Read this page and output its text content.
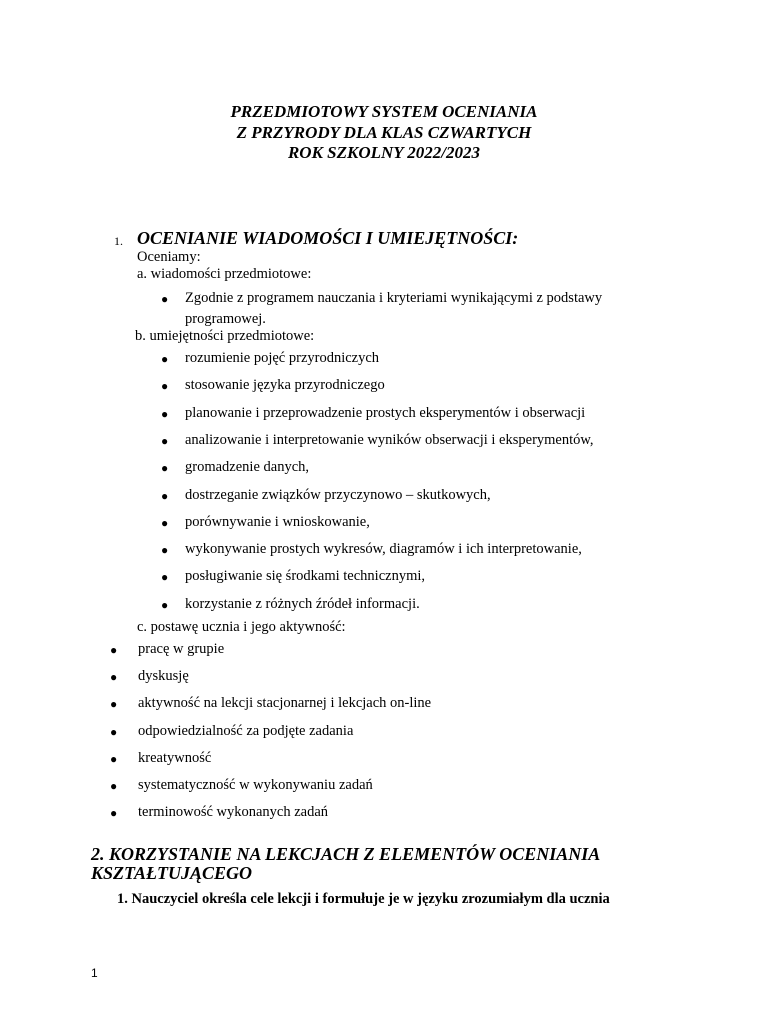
PRZEDMIOTOWY SYSTEM OCENIANIA
Z PRZYRODY DLA KLAS CZWARTYCH
ROK SZKOLNY 2022/2023
1. OCENIANIE WIADOMOŚCI I UMIEJĘTNOŚCI:
Oceniamy:
a. wiadomości przedmiotowe:
● Zgodnie z programem nauczania i kryteriami wynikającymi z podstawy
programowej.
b. umiejętności przedmiotowe:
● rozumienie pojęć przyrodniczych
● stosowanie języka przyrodniczego
● planowanie i przeprowadzenie prostych eksperymentów i obserwacji
● analizowanie i interpretowanie wyników obserwacji i eksperymentów,
● gromadzenie danych,
● dostrzeganie związków przyczynowo – skutkowych,
● porównywanie i wnioskowanie,
● wykonywanie prostych wykresów, diagramów i ich interpretowanie,
● posługiwanie się środkami technicznymi,
● korzystanie z różnych źródeł informacji.
c. postawę ucznia i jego aktywność:
● pracę w grupie
● dyskusję
● aktywność na lekcji stacjonarnej i lekcjach on-line
● odpowiedzialność za podjęte zadania
● kreatywność
● systematyczność w wykonywaniu zadań
● terminowość wykonanych zadań
2. KORZYSTANIE NA LEKCJACH Z ELEMENTÓW OCENIANIA
KSZTAŁTUJĄCEGO
1. Nauczyciel określa cele lekcji i formułuje je w języku zrozumiałym dla ucznia
1
